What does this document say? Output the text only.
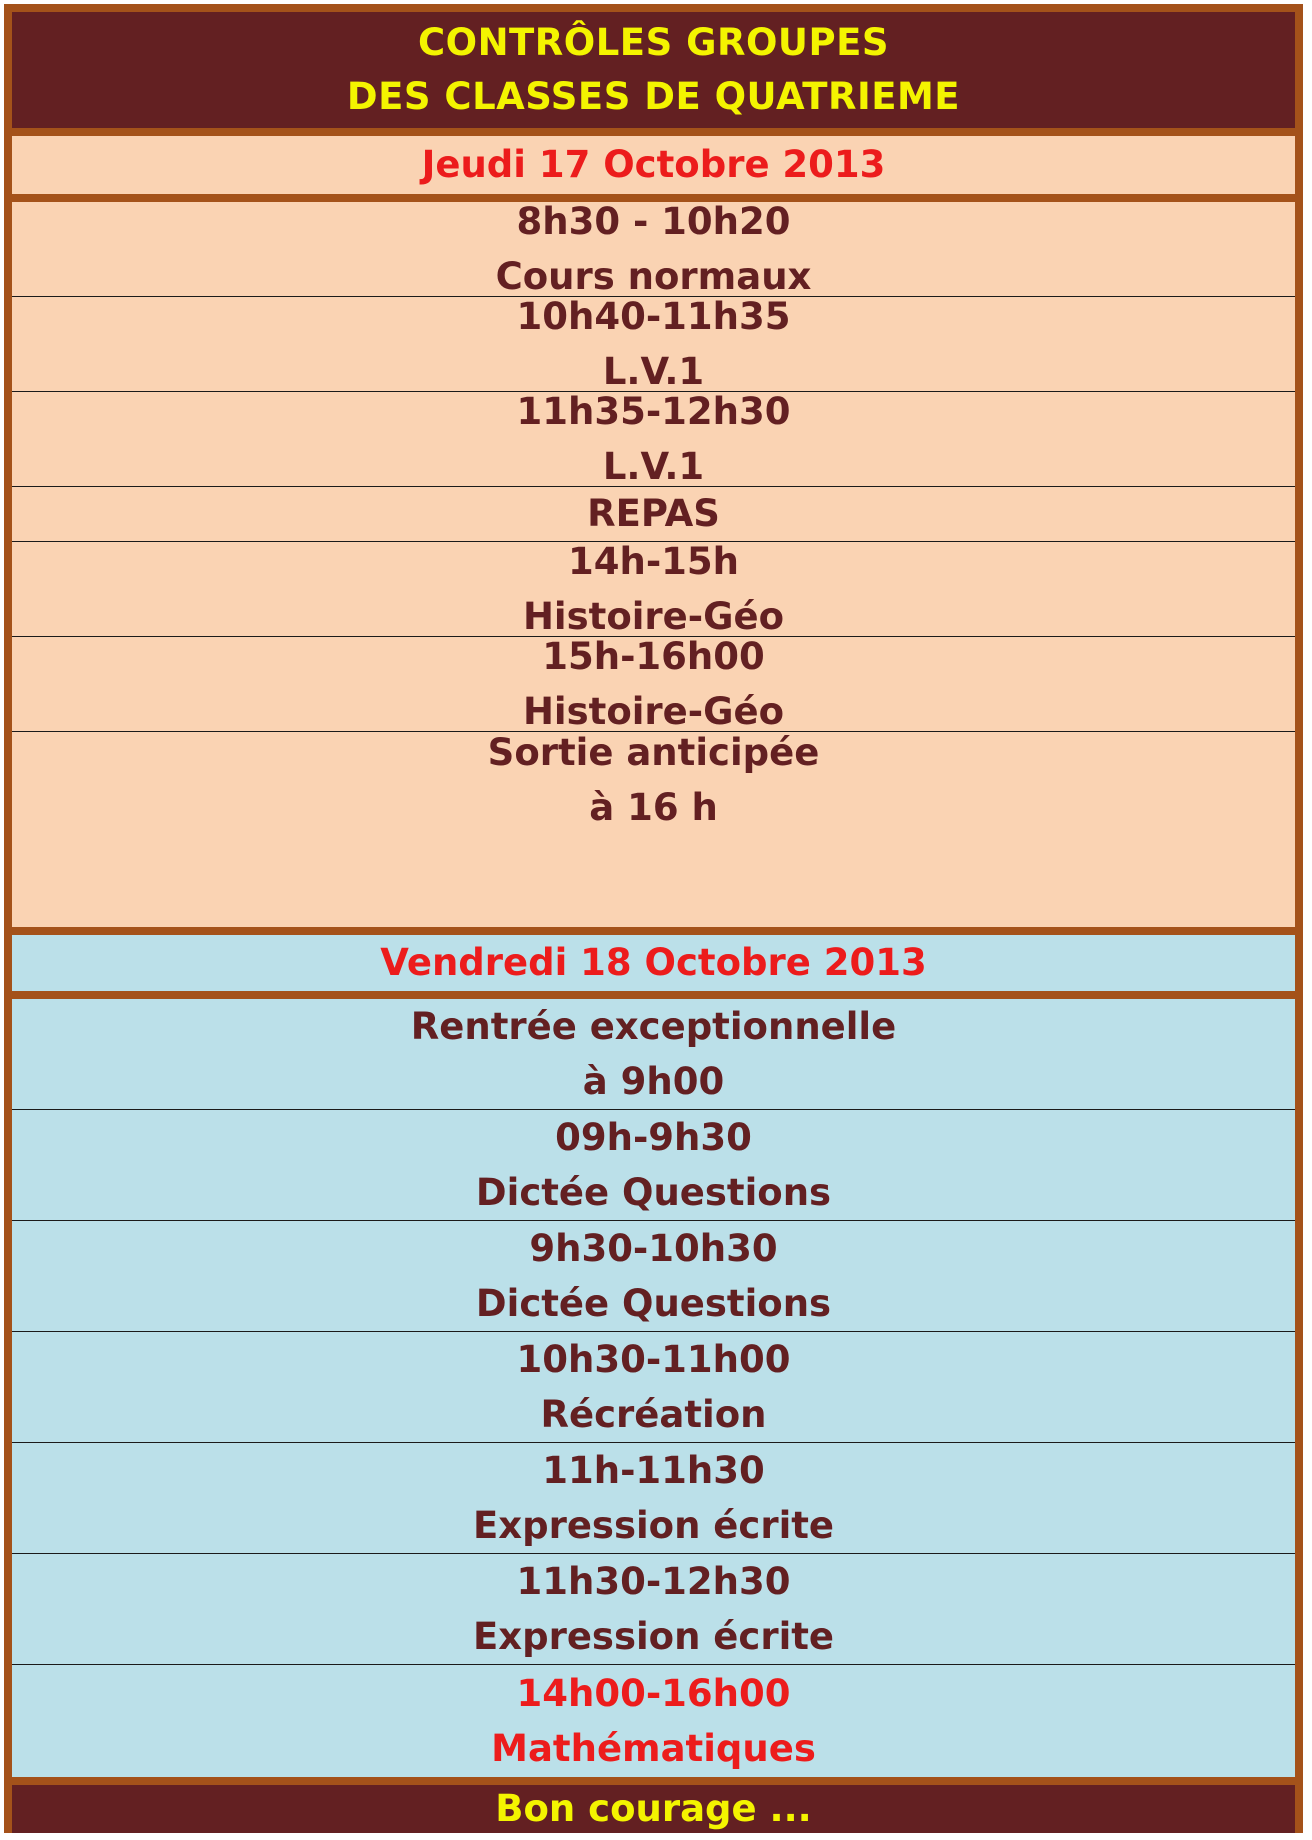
CONTRÔLES GROUPES
DES CLASSES DE QUATRIEME
Jeudi 17 Octobre 2013
8h30 - 10h20
Cours normaux
10h40-11h35
L.V.1
11h35-12h30
L.V.1
REPAS
14h-15h
Histoire-Géo
15h-16h00
Histoire-Géo
Sortie anticipée
à 16 h
Vendredi 18 Octobre 2013
Rentrée exceptionnelle
à 9h00
09h-9h30
Dictée Questions
9h30-10h30
Dictée Questions
10h30-11h00
Récréation
11h-11h30
Expression écrite
11h30-12h30
Expression écrite
14h00-16h00
Mathématiques
Bon courage ...
